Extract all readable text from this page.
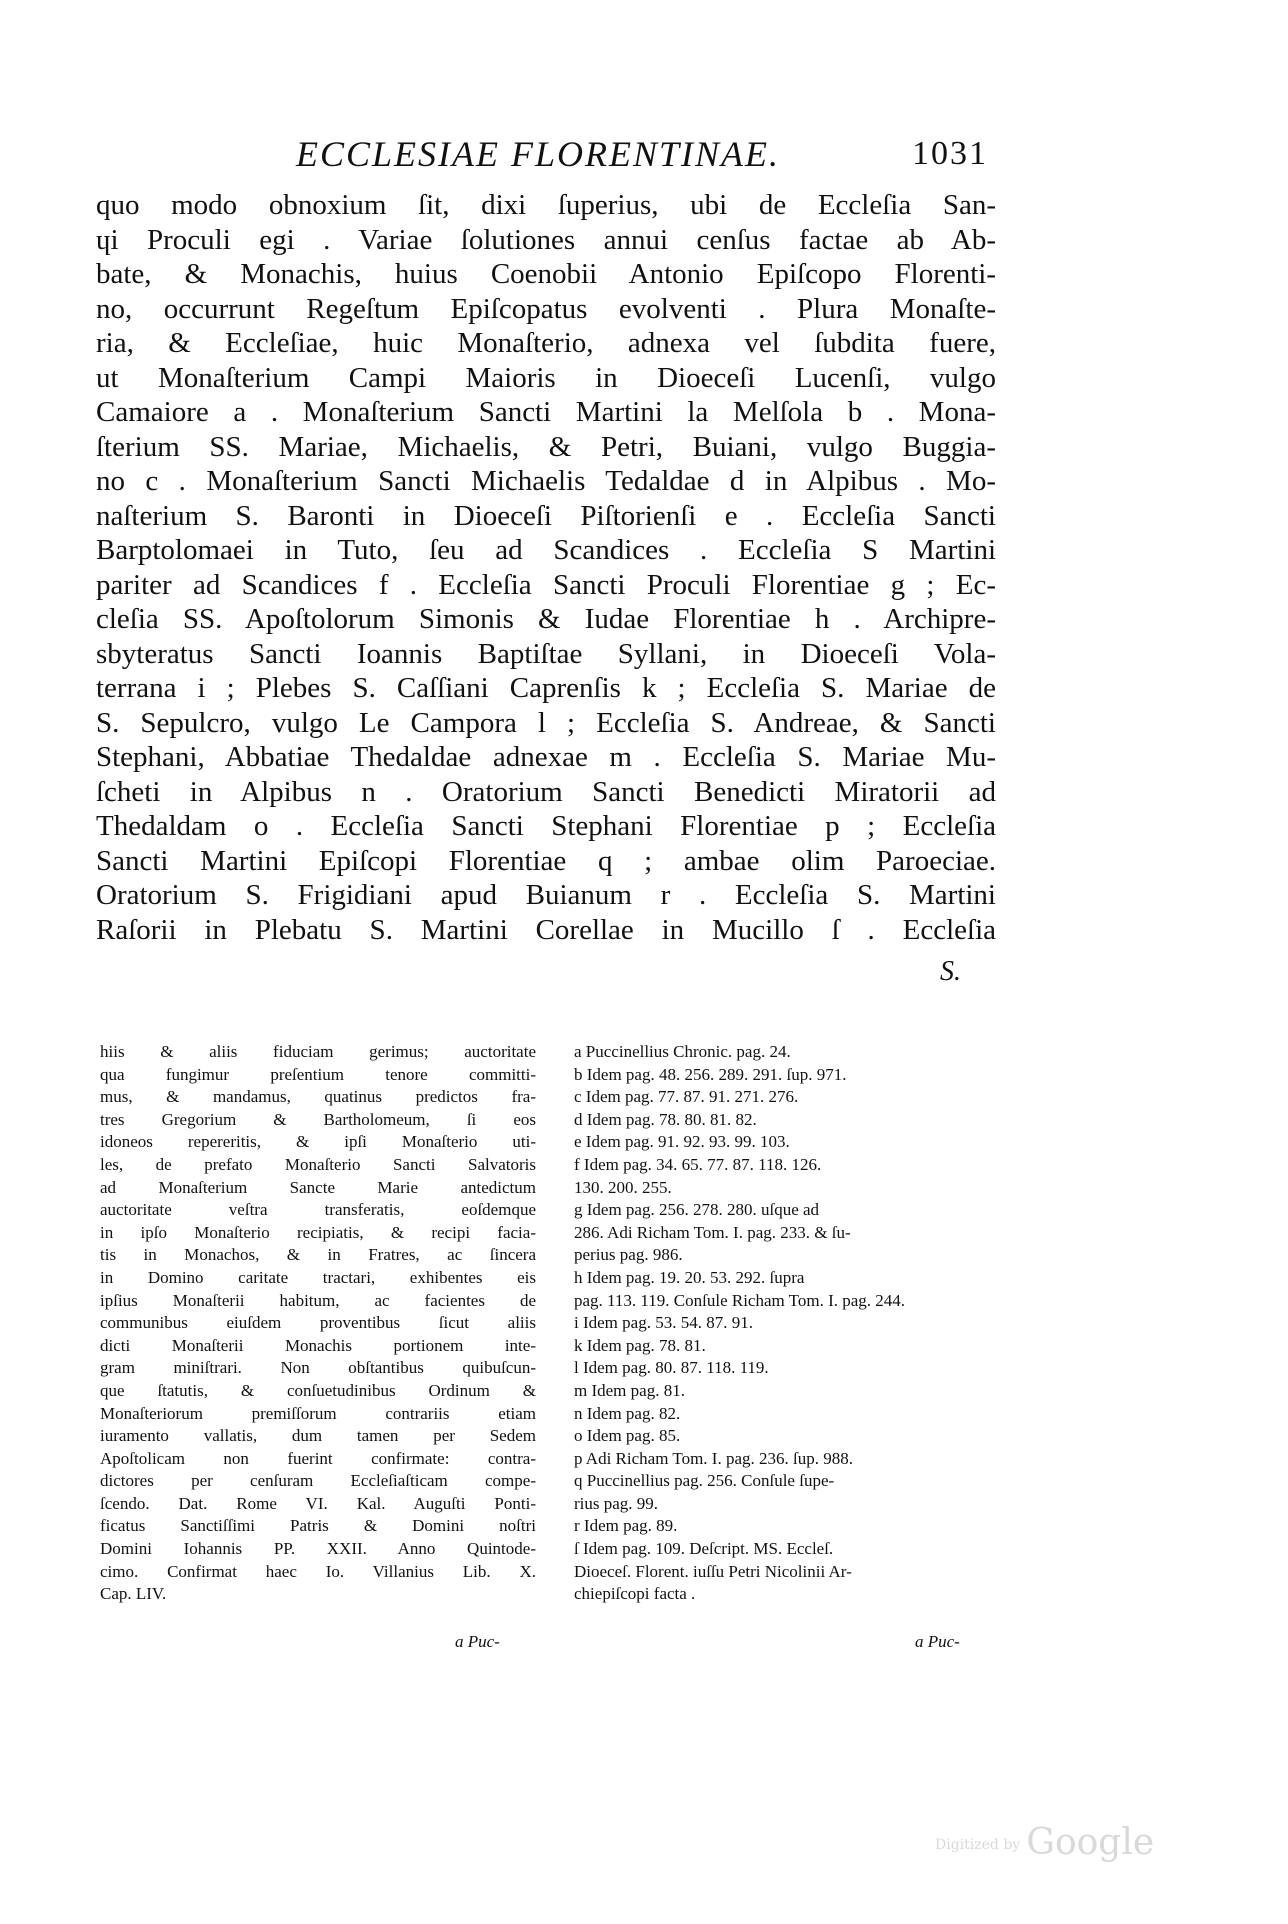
ECCLESIAE FLORENTINAE.	1031
quo modo obnoxium ſit, dixi ſuperius, ubi de Eccleſia San-
ɥi Proculi egi . Variae ſolutiones annui cenſus factae ab Ab-
bate, & Monachis, huius Coenobii Antonio Epiſcopo Florenti-
no, occurrunt Regeſtum Epiſcopatus evolventi . Plura Monaſte-
ria, & Eccleſiae, huic Monaſterio, adnexa vel ſubdita fuere,
ut Monaſterium Campi Maioris in Dioeceſi Lucenſi, vulgo
Camaiore a . Monaſterium Sancti Martini la Melſola b . Mona-
ſterium SS. Mariae, Michaelis, & Petri, Buiani, vulgo Buggia-
no c . Monaſterium Sancti Michaelis Tedaldae d in Alpibus . Mo-
naſterium S. Baronti in Dioeceſi Piſtorienſi e . Eccleſia Sancti
Barptolomaei in Tuto, ſeu ad Scandices . Eccleſia S Martini
pariter ad Scandices f . Eccleſia Sancti Proculi Florentiae g ; Ec-
cleſia SS. Apoſtolorum Simonis & Iudae Florentiae h . Archipre-
sbyteratus Sancti Ioannis Baptiſtae Syllani, in Dioeceſi Vola-
terrana i ; Plebes S. Caſſiani Caprenſis k ; Eccleſia S. Mariae de
S. Sepulcro, vulgo Le Campora l ; Eccleſia S. Andreae, & Sancti
Stephani, Abbatiae Thedaldae adnexae m . Eccleſia S. Mariae Mu-
ſcheti in Alpibus n . Oratorium Sancti Benedicti Miratorii ad
Thedaldam o . Eccleſia Sancti Stephani Florentiae p ; Eccleſia
Sancti Martini Epiſcopi Florentiae q ; ambae olim Paroeciae.
Oratorium S. Frigidiani apud Buianum r . Eccleſia S. Martini
Raſorii in Plebatu S. Martini Corellae in Mucillo ſ . Eccleſia
S.
hiis & aliis fiduciam gerimus; auctoritate
qua fungimur preſentium tenore committi-
mus, & mandamus, quatinus predictos fra-
tres Gregorium & Bartholomeum, ſi eos
idoneos repereritis, & ipſi Monaſterio uti-
les, de prefato Monaſterio Sancti Salvatoris
ad Monaſterium Sancte Marie antedictum
auctoritate veſtra transferatis, eoſdemque
in ipſo Monaſterio recipiatis, & recipi facia-
tis in Monachos, & in Fratres, ac ſincera
in Domino caritate tractari, exhibentes eis
ipſius Monaſterii habitum, ac facientes de
communibus eiuſdem proventibus ſicut aliis
dicti Monaſterii Monachis portionem inte-
gram miniſtrari. Non obſtantibus quibuſcun-
que ſtatutis, & conſuetudinibus Ordinum &
Monaſteriorum premiſſorum contrariis etiam
iuramento vallatis, dum tamen per Sedem
Apoſtolicam non fuerint confirmate: contra-
dictores per cenſuram Eccleſiaſticam compe-
ſcendo. Dat. Rome VI. Kal. Auguſti Ponti-
ficatus Sanctiſſimi Patris & Domini noſtri
Domini Iohannis PP. XXII. Anno Quintode-
cimo. Confirmat haec Io. Villanius Lib. X.
Cap. LIV.
a Puc-
a Puccinellius Chronic. pag. 24.
b Idem pag. 48. 256. 289. 291. ſup. 971.
c Idem pag. 77. 87. 91. 271. 276.
d Idem pag. 78. 80. 81. 82.
e Idem pag. 91. 92. 93. 99. 103.
f Idem pag. 34. 65. 77. 87. 118. 126.
130. 200. 255.
g Idem pag. 256. 278. 280. uſque ad
286. Adi Richam Tom. I. pag. 233. & ſu-
perius pag. 986.
h Idem pag. 19. 20. 53. 292. ſupra
pag. 113. 119. Conſule Richam Tom. I. pag. 244.
i Idem pag. 53. 54. 87. 91.
k Idem pag. 78. 81.
l Idem pag. 80. 87. 118. 119.
m Idem pag. 81.
n Idem pag. 82.
o Idem pag. 85.
p Adi Richam Tom. I. pag. 236. ſup. 988.
q Puccinellius pag. 256. Conſule ſupe-
rius pag. 99.
r Idem pag. 89.
ſ Idem pag. 109. Deſcript. MS. Eccleſ.
Dioeceſ. Florent. iuſſu Petri Nicolinii Ar-
chiepiſcopi facta .
a Puc-
Digitized by Google
